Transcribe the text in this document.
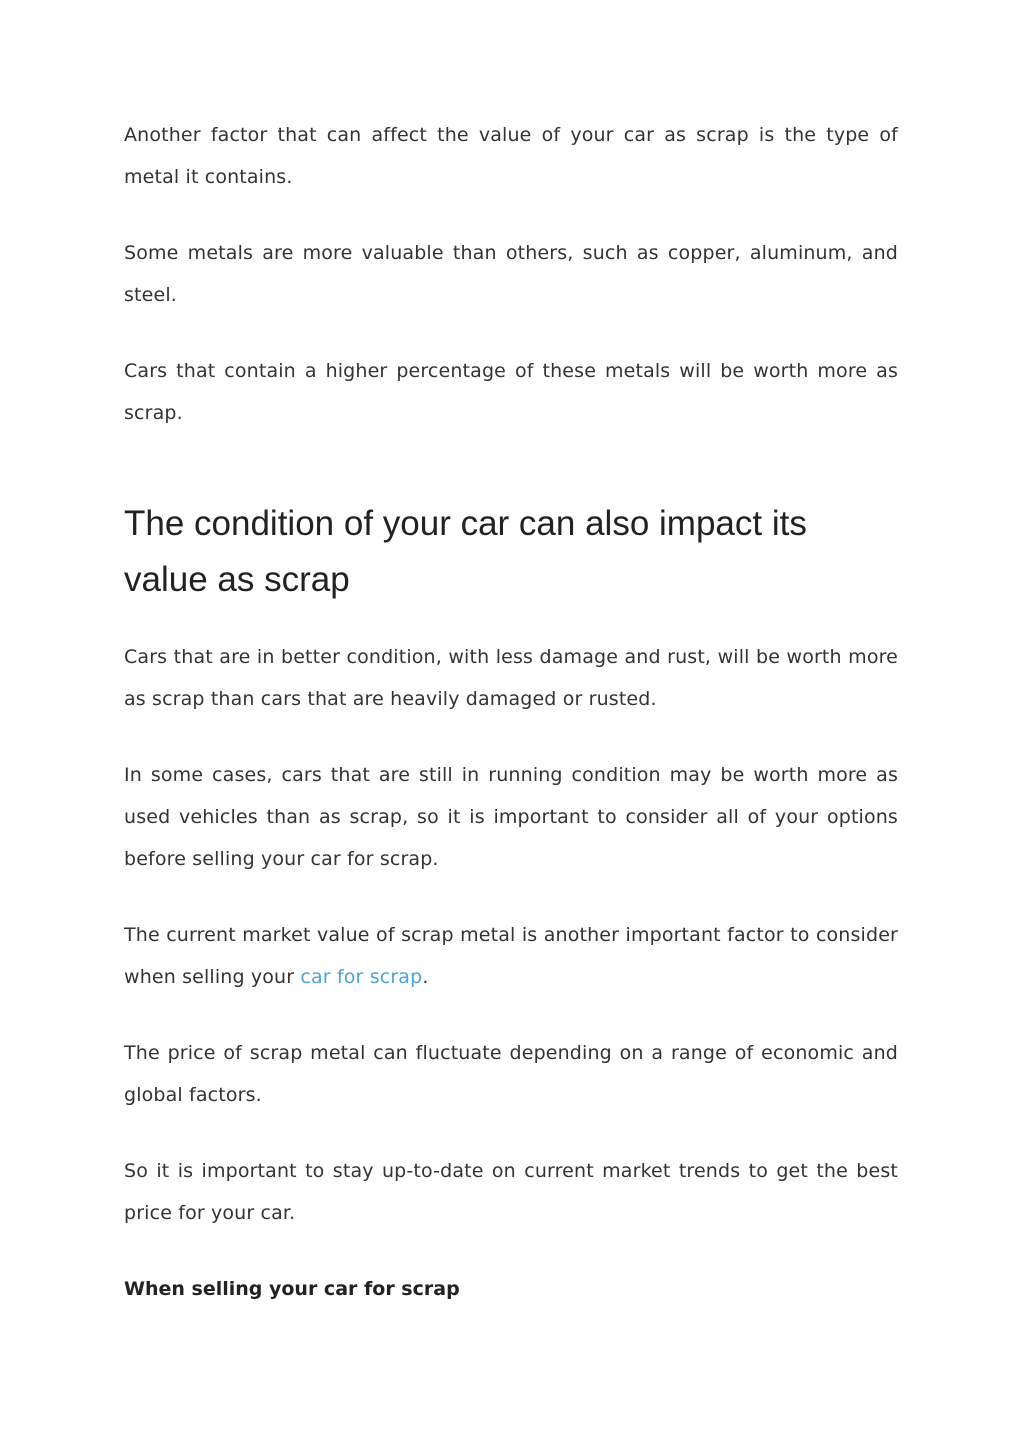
Another factor that can affect the value of your car as scrap is the type of metal it contains.

Some metals are more valuable than others, such as copper, aluminum, and steel.

Cars that contain a higher percentage of these metals will be worth more as scrap.

The condition of your car can also impact its value as scrap

Cars that are in better condition, with less damage and rust, will be worth more as scrap than cars that are heavily damaged or rusted.

In some cases, cars that are still in running condition may be worth more as used vehicles than as scrap, so it is important to consider all of your options before selling your car for scrap.

The current market value of scrap metal is another important factor to consider when selling your car for scrap.

The price of scrap metal can fluctuate depending on a range of economic and global factors.

So it is important to stay up-to-date on current market trends to get the best price for your car.

When selling your car for scrap
